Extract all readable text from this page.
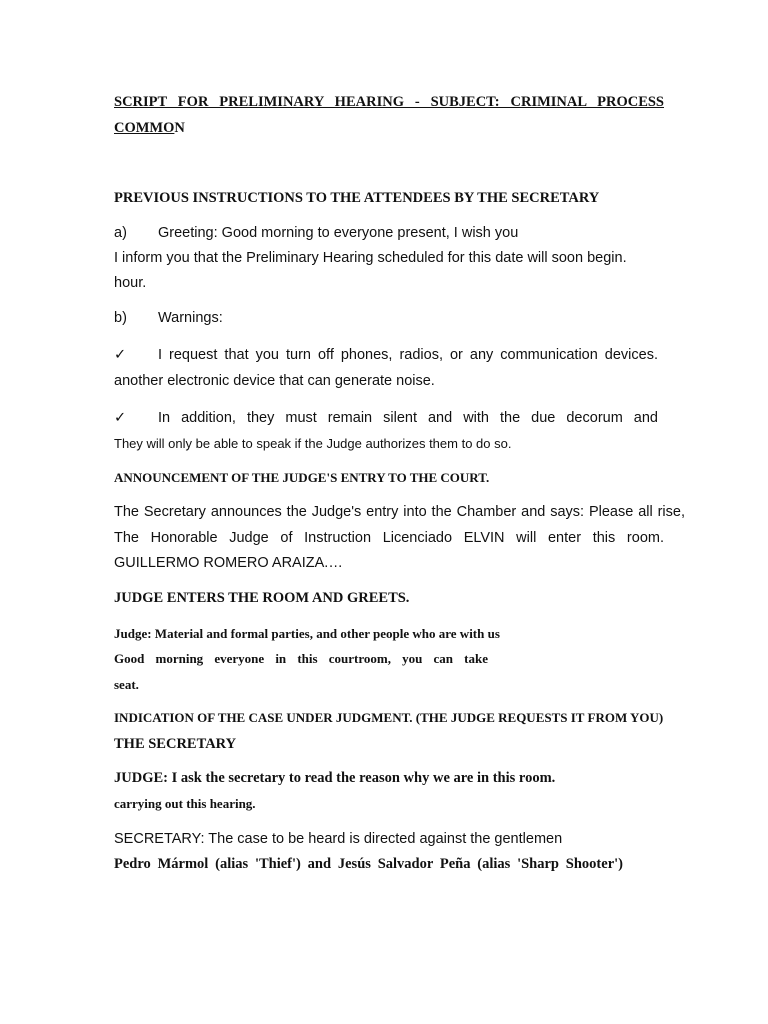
SCRIPT FOR PRELIMINARY HEARING - SUBJECT: CRIMINAL PROCESS
COMMON
PREVIOUS INSTRUCTIONS TO THE ATTENDEES BY THE SECRETARY
a) Greeting: Good morning to everyone present, I wish you
I inform you that the Preliminary Hearing scheduled for this date will soon begin.
hour.
b) Warnings:
✓	I request that you turn off phones, radios, or any communication devices.
another electronic device that can generate noise.
✓	In addition, they must remain silent and with the due decorum and
They will only be able to speak if the Judge authorizes them to do so.
ANNOUNCEMENT OF THE JUDGE'S ENTRY TO THE COURT.
The Secretary announces the Judge's entry into the Chamber and says: Please all rise,
The Honorable Judge of Instruction Licenciado ELVIN will enter this room.
GUILLERMO ROMERO ARAIZA.…
JUDGE ENTERS THE ROOM AND GREETS.
Judge: Material and formal parties, and other people who are with us
Good morning everyone in this courtroom, you can take
seat.
INDICATION OF THE CASE UNDER JUDGMENT. (THE JUDGE REQUESTS IT FROM YOU)
THE SECRETARY
JUDGE: I ask the secretary to read the reason why we are in this room.
carrying out this hearing.
SECRETARY: The case to be heard is directed against the gentlemen
Pedro Mármol (alias 'Thief') and Jesús Salvador Peña (alias 'Sharp Shooter')
